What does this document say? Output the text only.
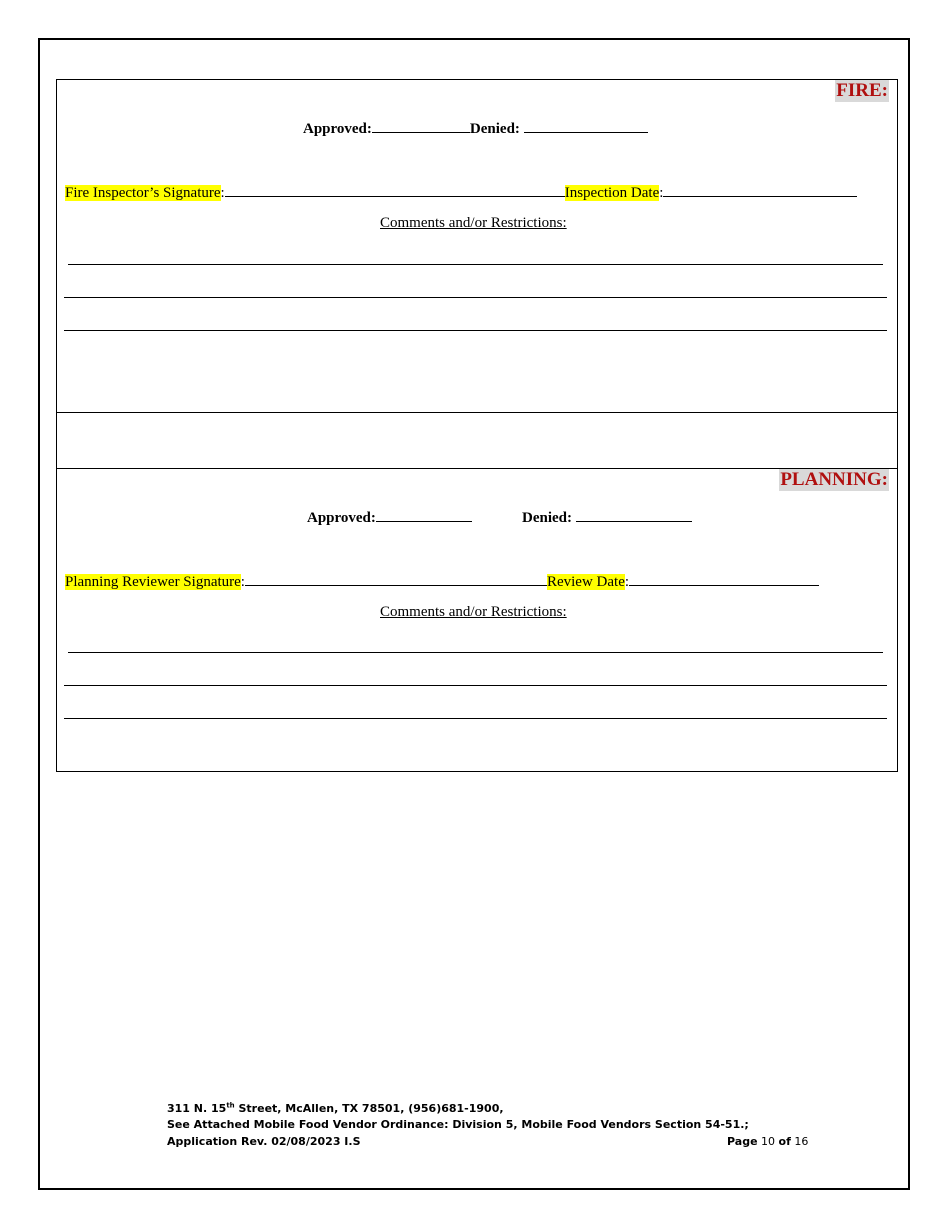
FIRE:
Approved:	Denied:
Fire Inspector’s Signature:	Inspection Date:
Comments and/or Restrictions:
PLANNING:
Approved:	Denied:
Planning Reviewer Signature:	Review Date:
Comments and/or Restrictions:
311 N. 15th Street, McAllen, TX 78501, (956)681-1900,
See Attached Mobile Food Vendor Ordinance: Division 5, Mobile Food Vendors Section 54-51.;
Application Rev. 02/08/2023 I.S	Page 10 of 16
